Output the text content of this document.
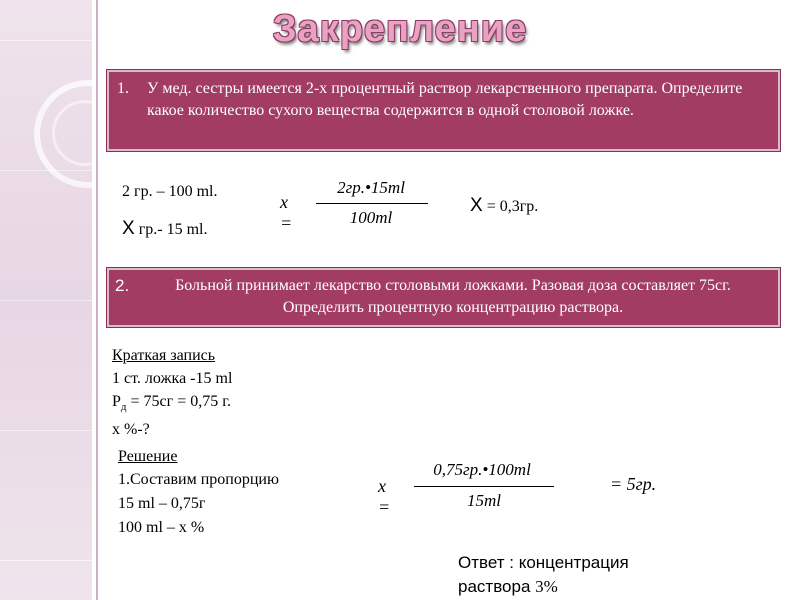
Закрепление
1. У мед. сестры имеется 2-х процентный раствор лекарственного препарата. Определите какое количество сухого вещества содержится в одной столовой ложке.
2 гр. – 100 ml.
X гр.- 15 ml.
x =
2гр.•15ml
100ml
X = 0,3гр.
2.	Больной принимает лекарство столовыми ложками. Разовая доза составляет 75сг. Определить процентную концентрацию раствора.
Краткая запись
1 ст. ложка -15 ml
$Р_д = 75сг = 0,75$ г.
х %-?
Решение
1.Составим пропорцию
15 ml – 0,75г
100 ml – х %
x =
0,75гр.•100ml
15ml
= 5гр.
Ответ : концентрация
раствора 3%
